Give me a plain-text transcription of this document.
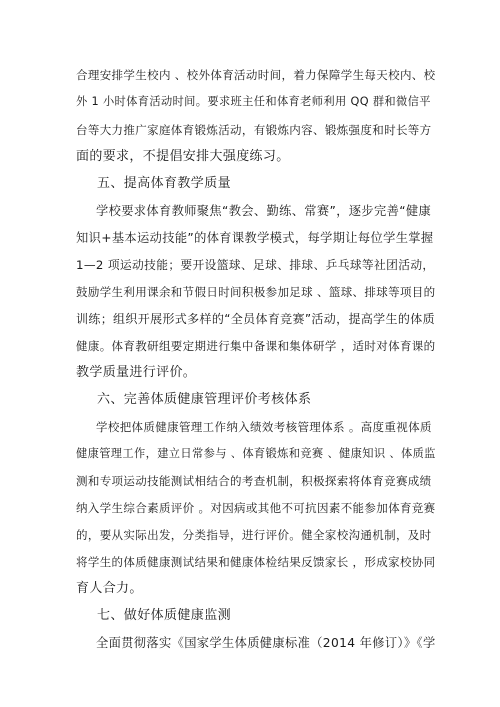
合理安排学生校内 、校外体育活动时间，着力保障学生每天校内、校
外 1 小时体育活动时间。要求班主任和体育老师利用 QQ 群和微信平
台等大力推广家庭体育锻炼活动，有锻炼内容、锻炼强度和时长等方
面的要求，不提倡安排大强度练习。
五、提高体育教学质量
学校要求体育教师聚焦“教会、勤练、常赛”，逐步完善“健康
知识+基本运动技能”的体育课教学模式，每学期让每位学生掌握
1—2 项运动技能；要开设篮球、足球、排球、乒乓球等社团活动，
鼓励学生利用课余和节假日时间积极参加足球 、篮球、排球等项目的
训练；组织开展形式多样的“全员体育竞赛”活动，提高学生的体质
健康。体育教研组要定期进行集中备课和集体研学 ，适时对体育课的
教学质量进行评价。
六、完善体质健康管理评价考核体系
学校把体质健康管理工作纳入绩效考核管理体系 。高度重视体质
健康管理工作，建立日常参与 、体育锻炼和竞赛 、健康知识 、体质监
测和专项运动技能测试相结合的考查机制，积极探索将体育竞赛成绩
纳入学生综合素质评价 。对因病或其他不可抗因素不能参加体育竞赛
的，要从实际出发，分类指导，进行评价。健全家校沟通机制，及时
将学生的体质健康测试结果和健康体检结果反馈家长 ，形成家校协同
育人合力。
七、做好体质健康监测
全面贯彻落实《国家学生体质健康标准（2014 年修订）》《学
